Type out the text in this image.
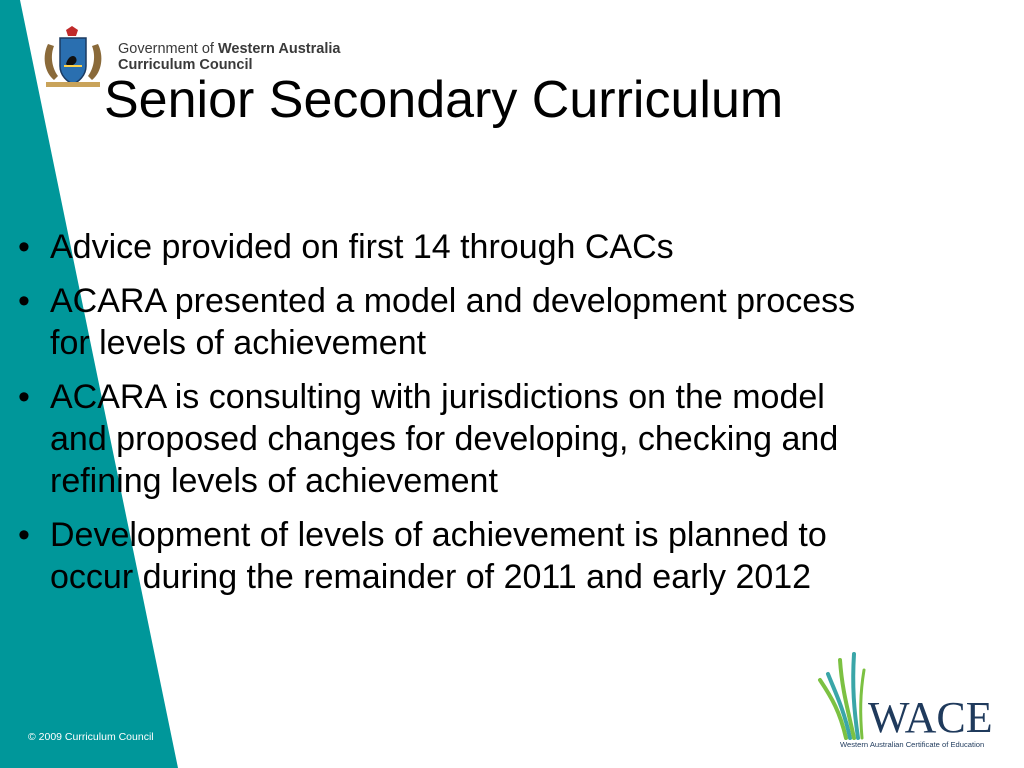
Government of Western Australia
Curriculum Council
Senior Secondary Curriculum
• Advice provided on first 14 through CACs
• ACARA presented a model and development process for levels of achievement
• ACARA is consulting with jurisdictions on the model and proposed changes for developing, checking and refining levels of achievement
• Development of levels of achievement is planned to occur during the remainder of 2011 and early 2012
© 2009 Curriculum Council	WACE
Western Australian Certificate of Education
